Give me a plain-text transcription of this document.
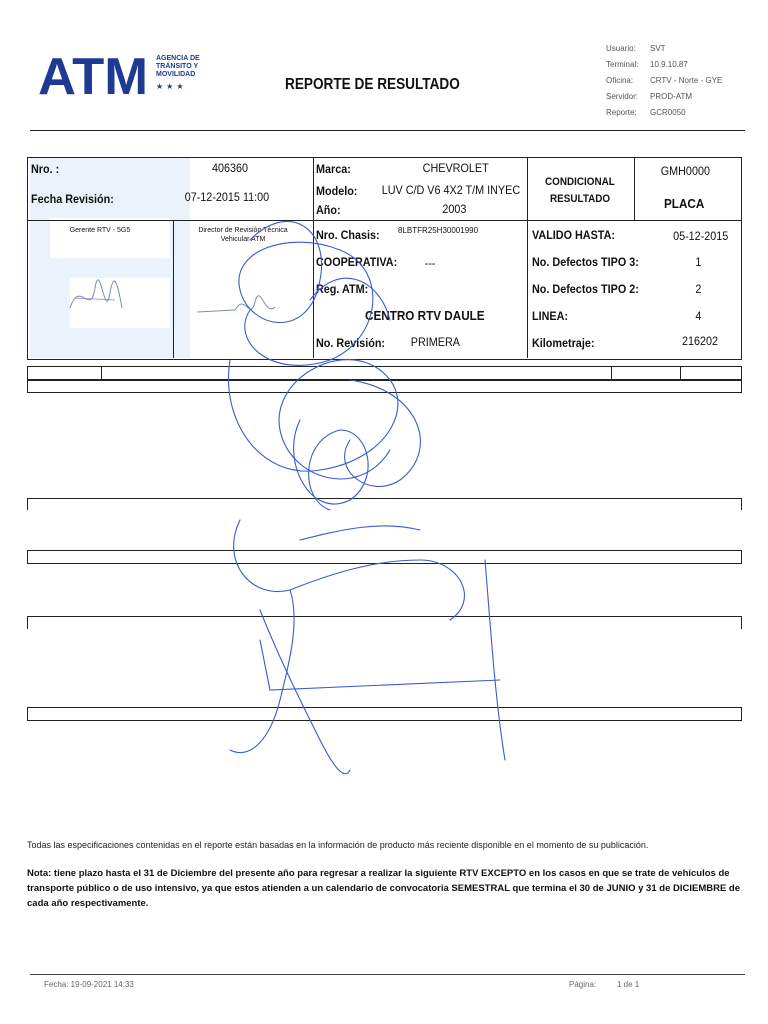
ATM AGENCIA DE
TRÁNSITO Y
MOVILIDAD
★★★	REPORTE DE RESULTADO
Usuario:	SVT
Terminal:	10.9.10.87
Oficina:	CRTV - Norte - GYE
Servidor:	PROD-ATM
Reporte:	GCR0050
Nro. :	406360
Fecha Revisión:	07-12-2015 11:00
Marca:	CHEVROLET
Modelo: LUV C/D V6 4X2 T/M INYEC
Año:	2003
CONDICIONAL
RESULTADO
GMH0000
PLACA
Gerente RTV - 5G5	Director de Revisión Técnica Vehicular ATM	Nro. Chasis: 8LBTFR25H30001990
COOPERATIVA: ---
Reg. ATM:
CENTRO RTV DAULE
No. Revisión: PRIMERA
VALIDO HASTA:	05-12-2015
No. Defectos TIPO 3:	1
No. Defectos TIPO 2:	2
LINEA:	4
Kilometraje:	216202
Todas las especificaciones contenidas en el reporte están basadas en la información de producto más reciente disponible en el momento de su publicación.
Nota: tiene plazo hasta el 31 de Diciembre del presente año para regresar a realizar la siguiente RTV EXCEPTO en los casos en que se trate de vehículos de transporte público o de uso intensivo, ya que estos atienden a un calendario de convocatoria SEMESTRAL que termina el 30 de JUNIO y 31 de DICIEMBRE de cada año respectivamente.
Fecha: 19-09-2021 14:33	Página:	1 de 1
